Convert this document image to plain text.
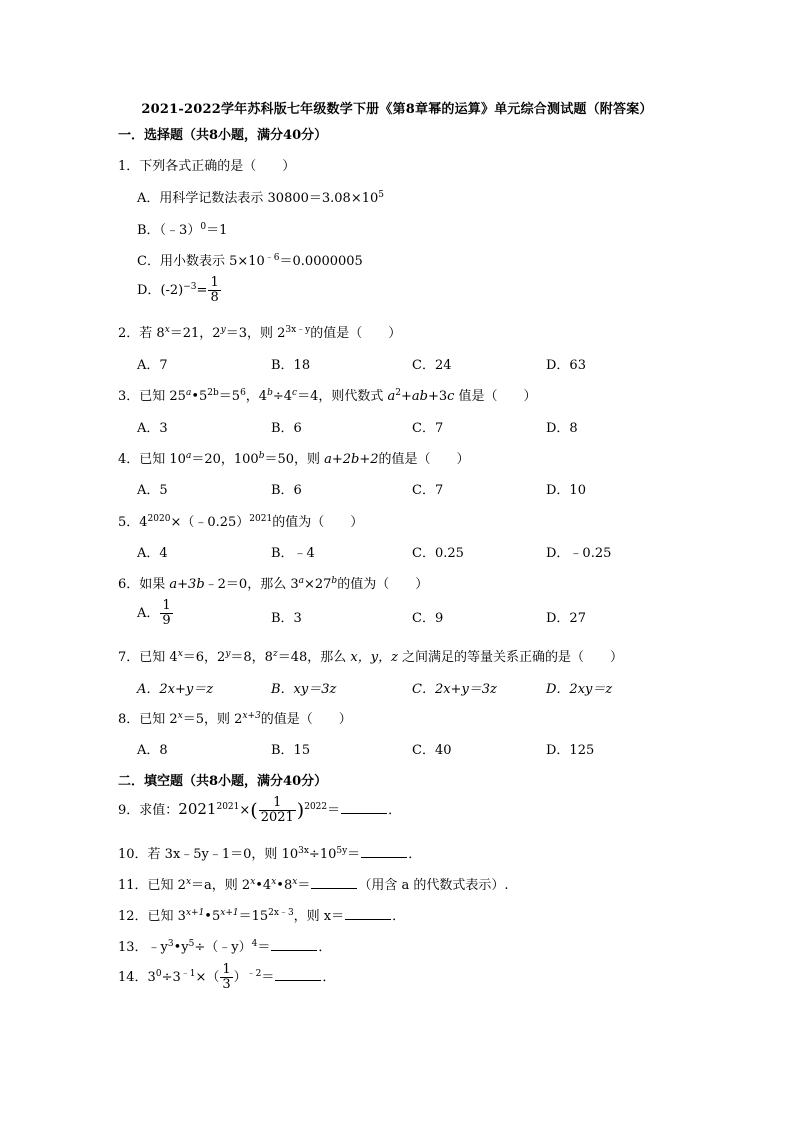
2021-2022学年苏科版七年级数学下册《第8章幂的运算》单元综合测试题（附答案）
一．选择题（共8小题，满分40分）
1．下列各式正确的是（　　）
A．用科学记数法表示 $30800=3.08\times 10^5$
B．（﹣3）$^0$＝1
C．用小数表示 $5\times 10^{﹣6}=0.0000005$
D．$(-2)^{-3}= \frac{1}{8}$
2．若 $8^x=21$，$2^y=3$，则 $2^{3x﹣y}$的值是（　　）
A．7	B．18	C．24	D．63
3．已知 $25^a•5^{2b}=5^6$，$4^b\div 4^c=4$，则代数式 $a^2+ab+3c$ 值是（　　）
A．3	B．6	C．7	D．8
4．已知 $10^a=20$，$100^b=50$，则 a+2b+2的值是（　　）
A．5	B．6	C．7	D．10
5．$4^{2020}\times(﹣0.25)^{2021}$的值为（　　）
A．4	B．﹣4	C．0.25	D．﹣0.25
6．如果 a+3b﹣2＝0，那么 $3^a\times 27^b$的值为（　　）
A． $\frac{1}{9}$	B．3	C．9	D．27
7．已知 $4^x=6$，$2^y=8$，$8^z=48$，那么 x，y，z 之间满足的等量关系正确的是（　　）
A．2x+y＝z	B．xy＝3z	C．2x+y＝3z	D．2xy＝z
8．已知 $2^x=5$，则 $2^{x+3}$的值是（　　）
A．8	B．15	C．40	D．125
二．填空题（共8小题，满分40分）
9．求值：$2021^{2021}\times( \frac{1}{2021} )^{2022}=$	．
10．若 3x﹣5y﹣1＝0，则 $10^{3x}\div 10^{5y}=$	．
11．已知 $2^x=a$，则 $2^x•4^x•8^x=$	（用含 a 的代数式表示）.
12．已知 $3^{x+1}•5^{x+1}=15^{2x﹣3}$，则 x＝	．
13．$﹣y^3•y^5\div(﹣y)^4=$	．
14．$3^0\div 3^{﹣1}\times( \frac{1}{3} )^{﹣2}=$	．
